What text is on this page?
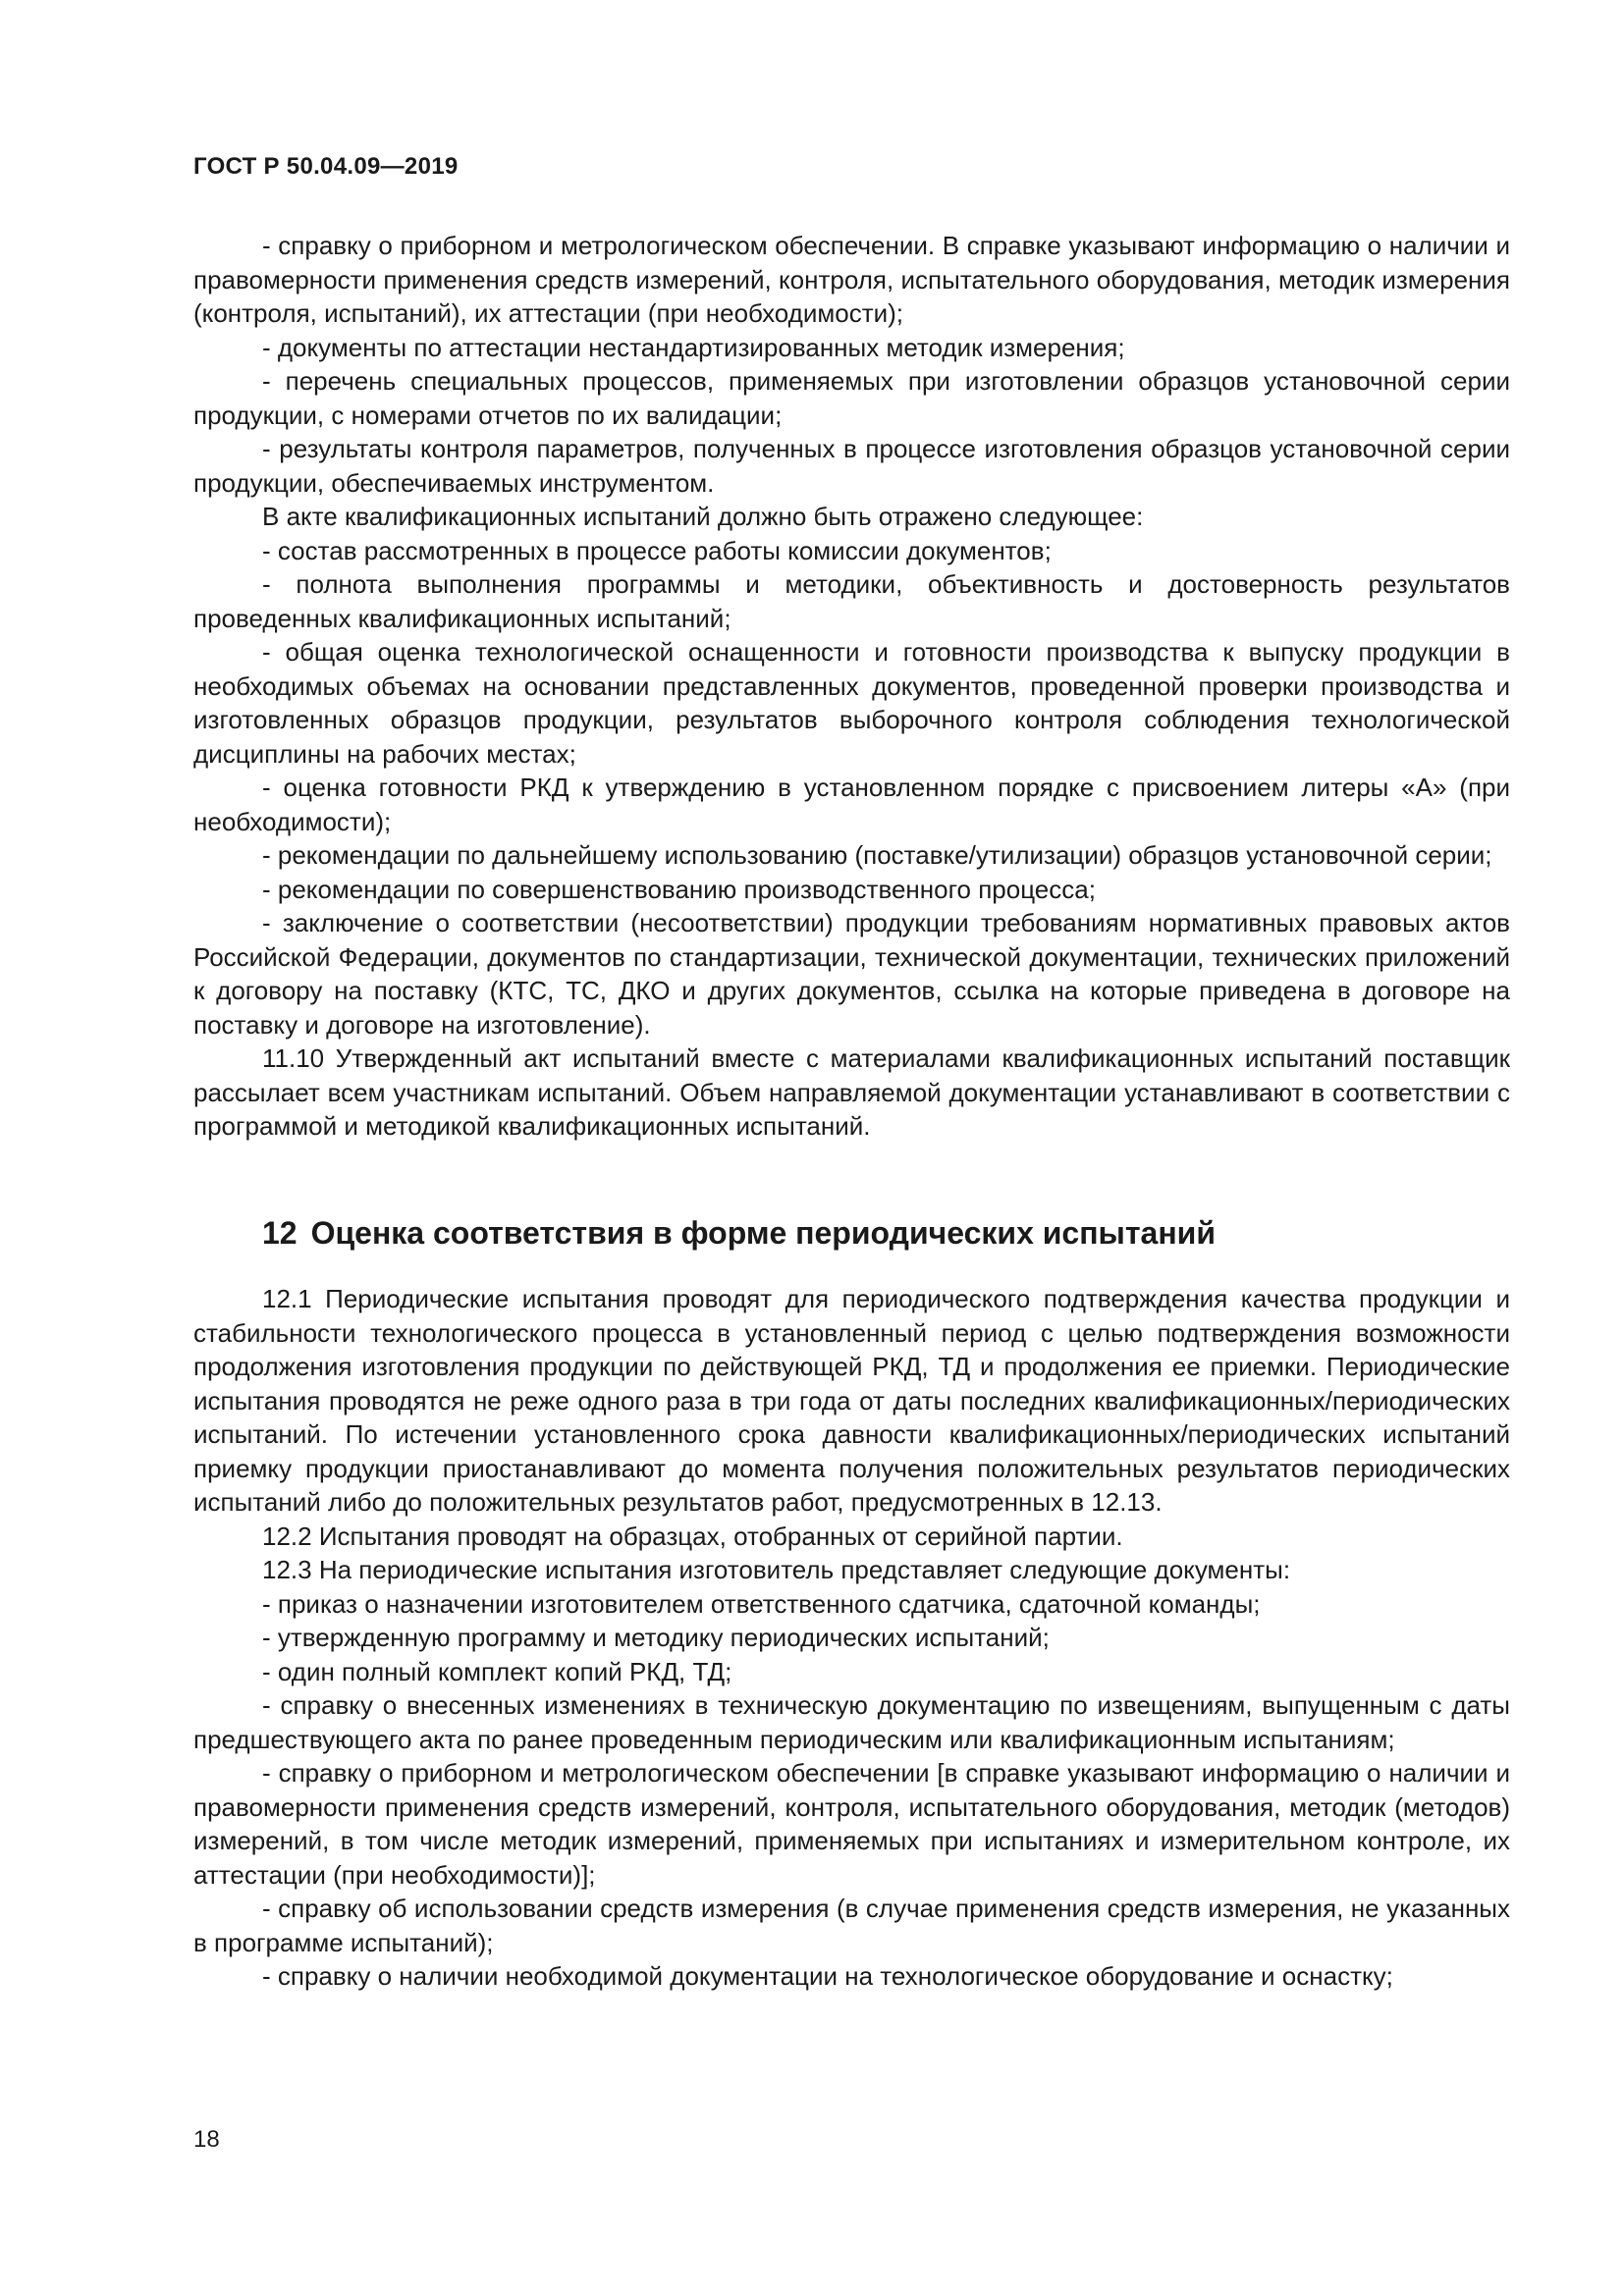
ГОСТ Р 50.04.09—2019

- справку о приборном и метрологическом обеспечении. В справке указывают информацию о наличии и правомерности применения средств измерений, контроля, испытательного оборудования, методик измерения (контроля, испытаний), их аттестации (при необходимости);

- документы по аттестации нестандартизированных методик измерения;

- перечень специальных процессов, применяемых при изготовлении образцов установочной серии продукции, с номерами отчетов по их валидации;

- результаты контроля параметров, полученных в процессе изготовления образцов установочной серии продукции, обеспечиваемых инструментом.

В акте квалификационных испытаний должно быть отражено следующее:

- состав рассмотренных в процессе работы комиссии документов;

- полнота выполнения программы и методики, объективность и достоверность результатов проведенных квалификационных испытаний;

- общая оценка технологической оснащенности и готовности производства к выпуску продукции в необходимых объемах на основании представленных документов, проведенной проверки производства и изготовленных образцов продукции, результатов выборочного контроля соблюдения технологической дисциплины на рабочих местах;

- оценка готовности РКД к утверждению в установленном порядке с присвоением литеры «А» (при необходимости);

- рекомендации по дальнейшему использованию (поставке/утилизации) образцов установочной серии;

- рекомендации по совершенствованию производственного процесса;

- заключение о соответствии (несоответствии) продукции требованиям нормативных правовых актов Российской Федерации, документов по стандартизации, технической документации, технических приложений к договору на поставку (КТС, ТС, ДКО и других документов, ссылка на которые приведена в договоре на поставку и договоре на изготовление).

11.10 Утвержденный акт испытаний вместе с материалами квалификационных испытаний поставщик рассылает всем участникам испытаний. Объем направляемой документации устанавливают в соответствии с программой и методикой квалификационных испытаний.

12 Оценка соответствия в форме периодических испытаний

12.1 Периодические испытания проводят для периодического подтверждения качества продукции и стабильности технологического процесса в установленный период с целью подтверждения возможности продолжения изготовления продукции по действующей РКД, ТД и продолжения ее приемки. Периодические испытания проводятся не реже одного раза в три года от даты последних квалификационных/периодических испытаний. По истечении установленного срока давности квалификационных/периодических испытаний приемку продукции приостанавливают до момента получения положительных результатов периодических испытаний либо до положительных результатов работ, предусмотренных в 12.13.

12.2 Испытания проводят на образцах, отобранных от серийной партии.

12.3 На периодические испытания изготовитель представляет следующие документы:

- приказ о назначении изготовителем ответственного сдатчика, сдаточной команды;

- утвержденную программу и методику периодических испытаний;

- один полный комплект копий РКД, ТД;

- справку о внесенных изменениях в техническую документацию по извещениям, выпущенным с даты предшествующего акта по ранее проведенным периодическим или квалификационным испытаниям;

- справку о приборном и метрологическом обеспечении [в справке указывают информацию о наличии и правомерности применения средств измерений, контроля, испытательного оборудования, методик (методов) измерений, в том числе методик измерений, применяемых при испытаниях и измерительном контроле, их аттестации (при необходимости)];

- справку об использовании средств измерения (в случае применения средств измерения, не указанных в программе испытаний);

- справку о наличии необходимой документации на технологическое оборудование и оснастку;

18
